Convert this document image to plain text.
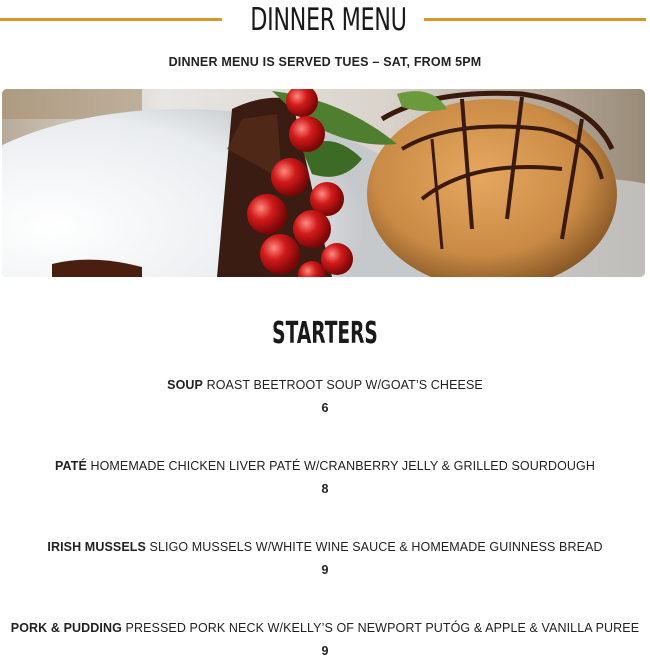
DINNER MENU
DINNER MENU IS SERVED TUES – SAT, FROM 5PM
STARTERS
SOUP ROAST BEETROOT SOUP W/GOAT’S CHEESE
6
PATÉ HOMEMADE CHICKEN LIVER PATÉ W/CRANBERRY JELLY & GRILLED SOURDOUGH
8
IRISH MUSSELS SLIGO MUSSELS W/WHITE WINE SAUCE & HOMEMADE GUINNESS BREAD
9
PORK & PUDDING PRESSED PORK NECK W/KELLY’S OF NEWPORT PUTÓG & APPLE & VANILLA PUREE
9
